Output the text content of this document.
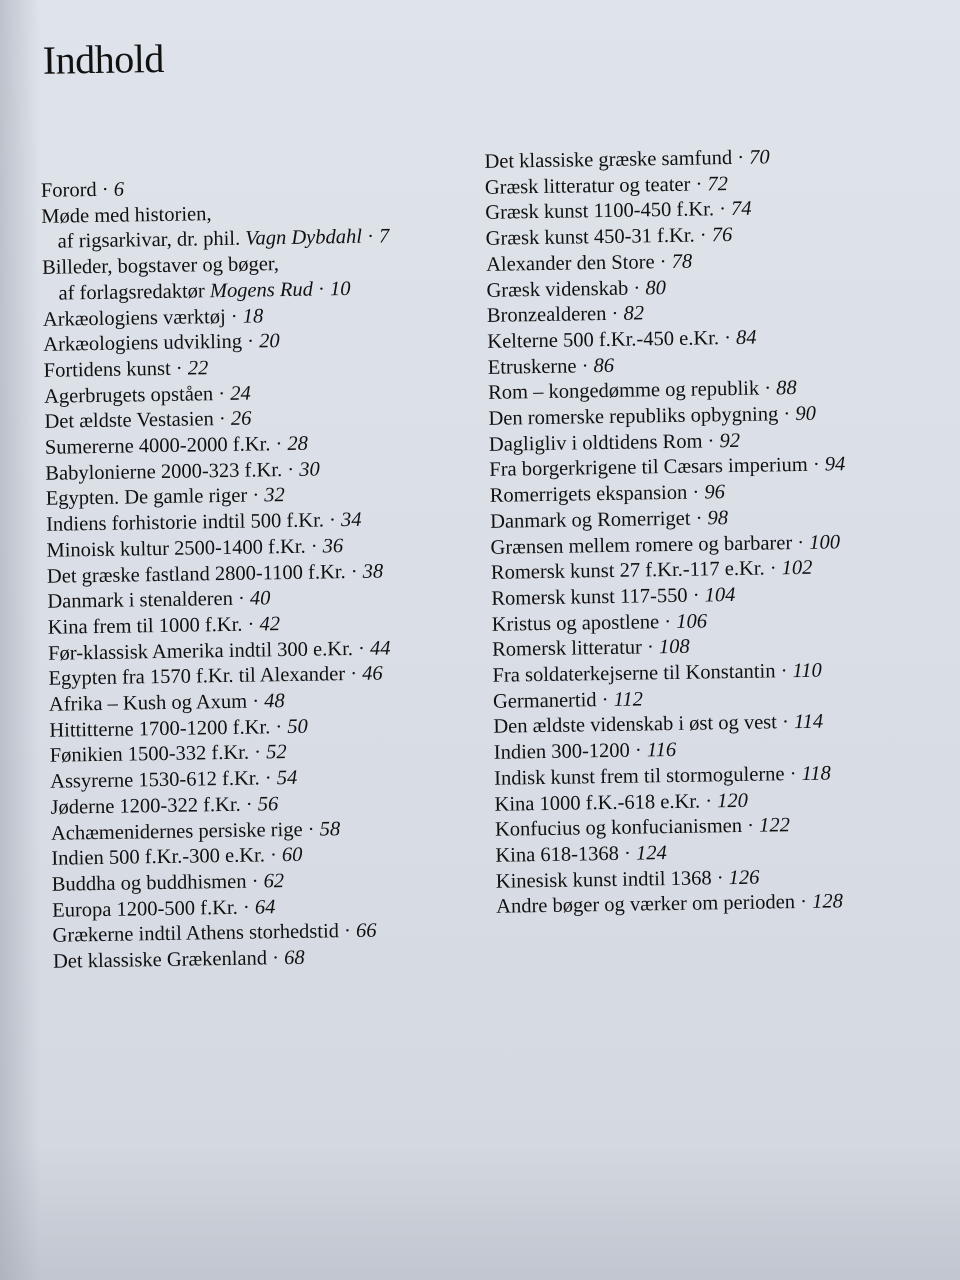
Indhold
Forord · 6
Møde med historien,
af rigsarkivar, dr. phil. Vagn Dybdahl · 7
Billeder, bogstaver og bøger,
af forlagsredaktør Mogens Rud · 10
Arkæologiens værktøj · 18
Arkæologiens udvikling · 20
Fortidens kunst · 22
Agerbrugets opståen · 24
Det ældste Vestasien · 26
Sumererne 4000-2000 f.Kr. · 28
Babylonierne 2000-323 f.Kr. · 30
Egypten. De gamle riger · 32
Indiens forhistorie indtil 500 f.Kr. · 34
Minoisk kultur 2500-1400 f.Kr. · 36
Det græske fastland 2800-1100 f.Kr. · 38
Danmark i stenalderen · 40
Kina frem til 1000 f.Kr. · 42
Før-klassisk Amerika indtil 300 e.Kr. · 44
Egypten fra 1570 f.Kr. til Alexander · 46
Afrika – Kush og Axum · 48
Hittitterne 1700-1200 f.Kr. · 50
Fønikien 1500-332 f.Kr. · 52
Assyrerne 1530-612 f.Kr. · 54
Jøderne 1200-322 f.Kr. · 56
Achæmenidernes persiske rige · 58
Indien 500 f.Kr.-300 e.Kr. · 60
Buddha og buddhismen · 62
Europa 1200-500 f.Kr. · 64
Grækerne indtil Athens storhedstid · 66
Det klassiske Grækenland · 68
Det klassiske græske samfund · 70
Græsk litteratur og teater · 72
Græsk kunst 1100-450 f.Kr. · 74
Græsk kunst 450-31 f.Kr. · 76
Alexander den Store · 78
Græsk videnskab · 80
Bronzealderen · 82
Kelterne 500 f.Kr.-450 e.Kr. · 84
Etruskerne · 86
Rom – kongedømme og republik · 88
Den romerske republiks opbygning · 90
Dagligliv i oldtidens Rom · 92
Fra borgerkrigene til Cæsars imperium · 94
Romerrigets ekspansion · 96
Danmark og Romerriget · 98
Grænsen mellem romere og barbarer · 100
Romersk kunst 27 f.Kr.-117 e.Kr. · 102
Romersk kunst 117-550 · 104
Kristus og apostlene · 106
Romersk litteratur · 108
Fra soldaterkejserne til Konstantin · 110
Germanertid · 112
Den ældste videnskab i øst og vest · 114
Indien 300-1200 · 116
Indisk kunst frem til stormogulerne · 118
Kina 1000 f.K.-618 e.Kr. · 120
Konfucius og konfucianismen · 122
Kina 618-1368 · 124
Kinesisk kunst indtil 1368 · 126
Andre bøger og værker om perioden · 128
